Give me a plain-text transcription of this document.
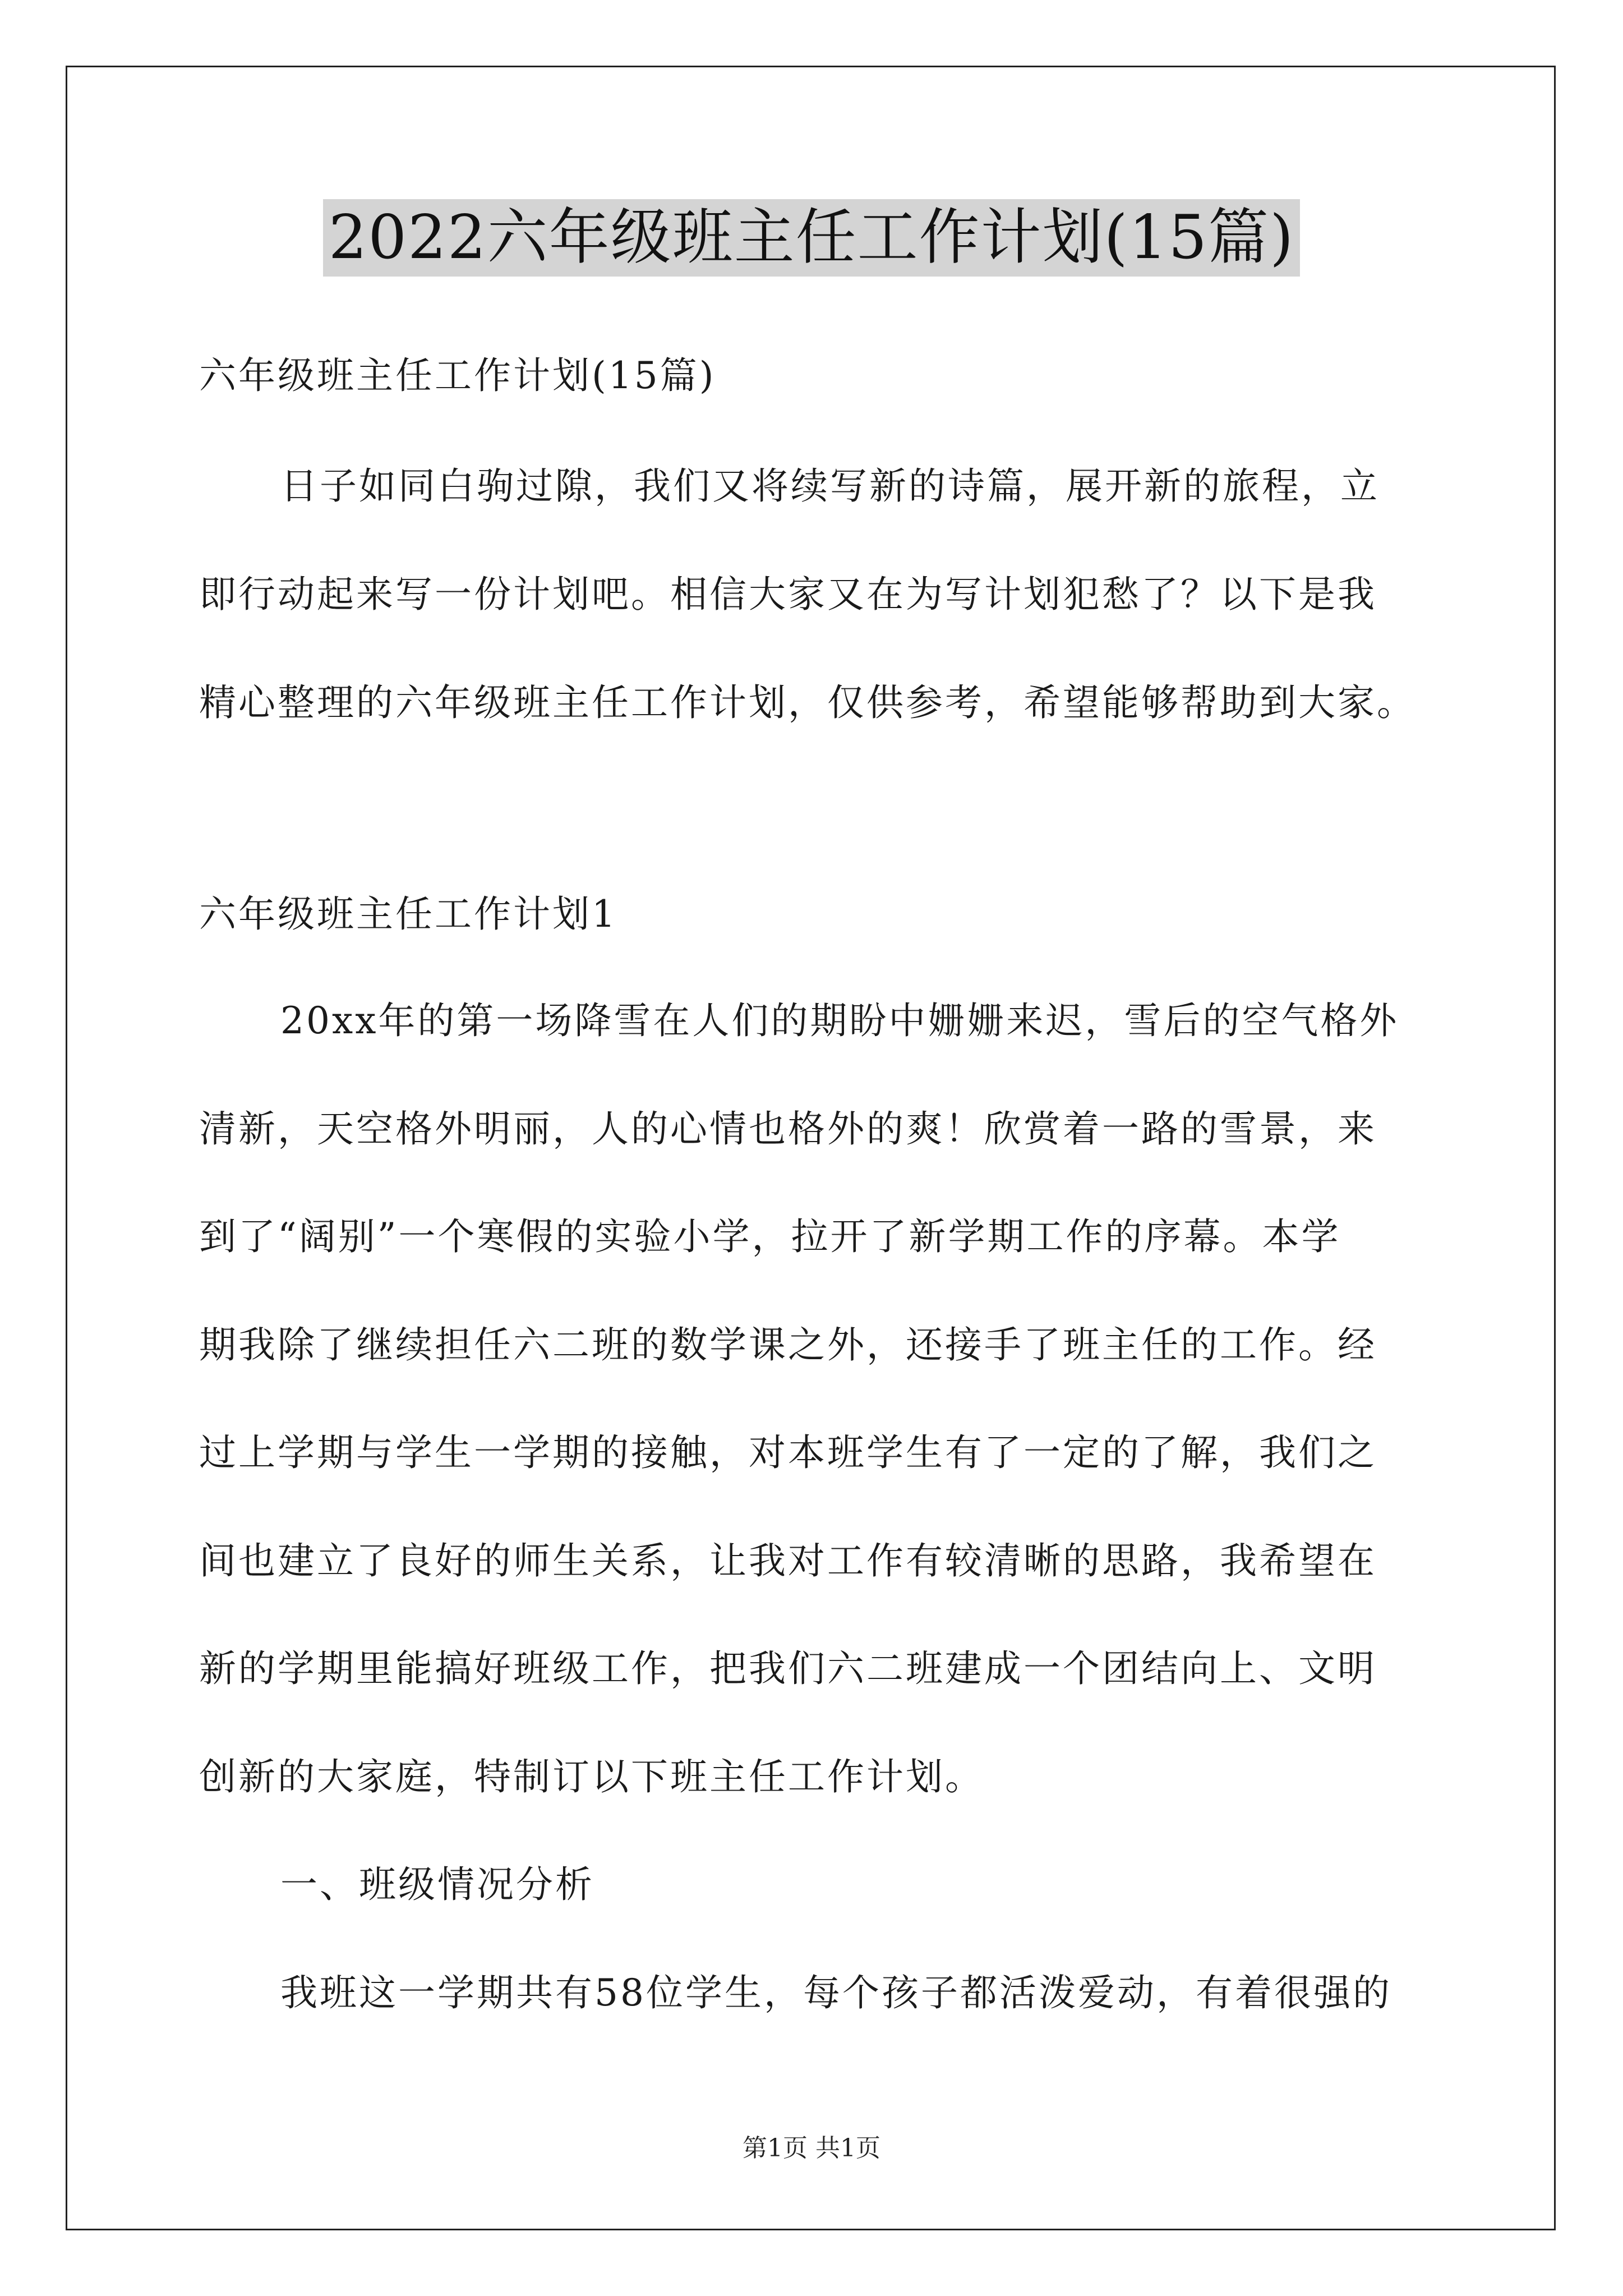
2022六年级班主任工作计划(15篇)
六年级班主任工作计划(15篇)
日子如同白驹过隙，我们又将续写新的诗篇，展开新的旅程，立
即行动起来写一份计划吧。相信大家又在为写计划犯愁了？以下是我
精心整理的六年级班主任工作计划，仅供参考，希望能够帮助到大家。
六年级班主任工作计划1
20xx年的第一场降雪在人们的期盼中姗姗来迟，雪后的空气格外
清新，天空格外明丽，人的心情也格外的爽！欣赏着一路的雪景，来
到了“阔别”一个寒假的实验小学，拉开了新学期工作的序幕。本学
期我除了继续担任六二班的数学课之外，还接手了班主任的工作。经
过上学期与学生一学期的接触，对本班学生有了一定的了解，我们之
间也建立了良好的师生关系，让我对工作有较清晰的思路，我希望在
新的学期里能搞好班级工作，把我们六二班建成一个团结向上、文明
创新的大家庭，特制订以下班主任工作计划。
一、班级情况分析
我班这一学期共有58位学生，每个孩子都活泼爱动，有着很强的
第1页 共1页
